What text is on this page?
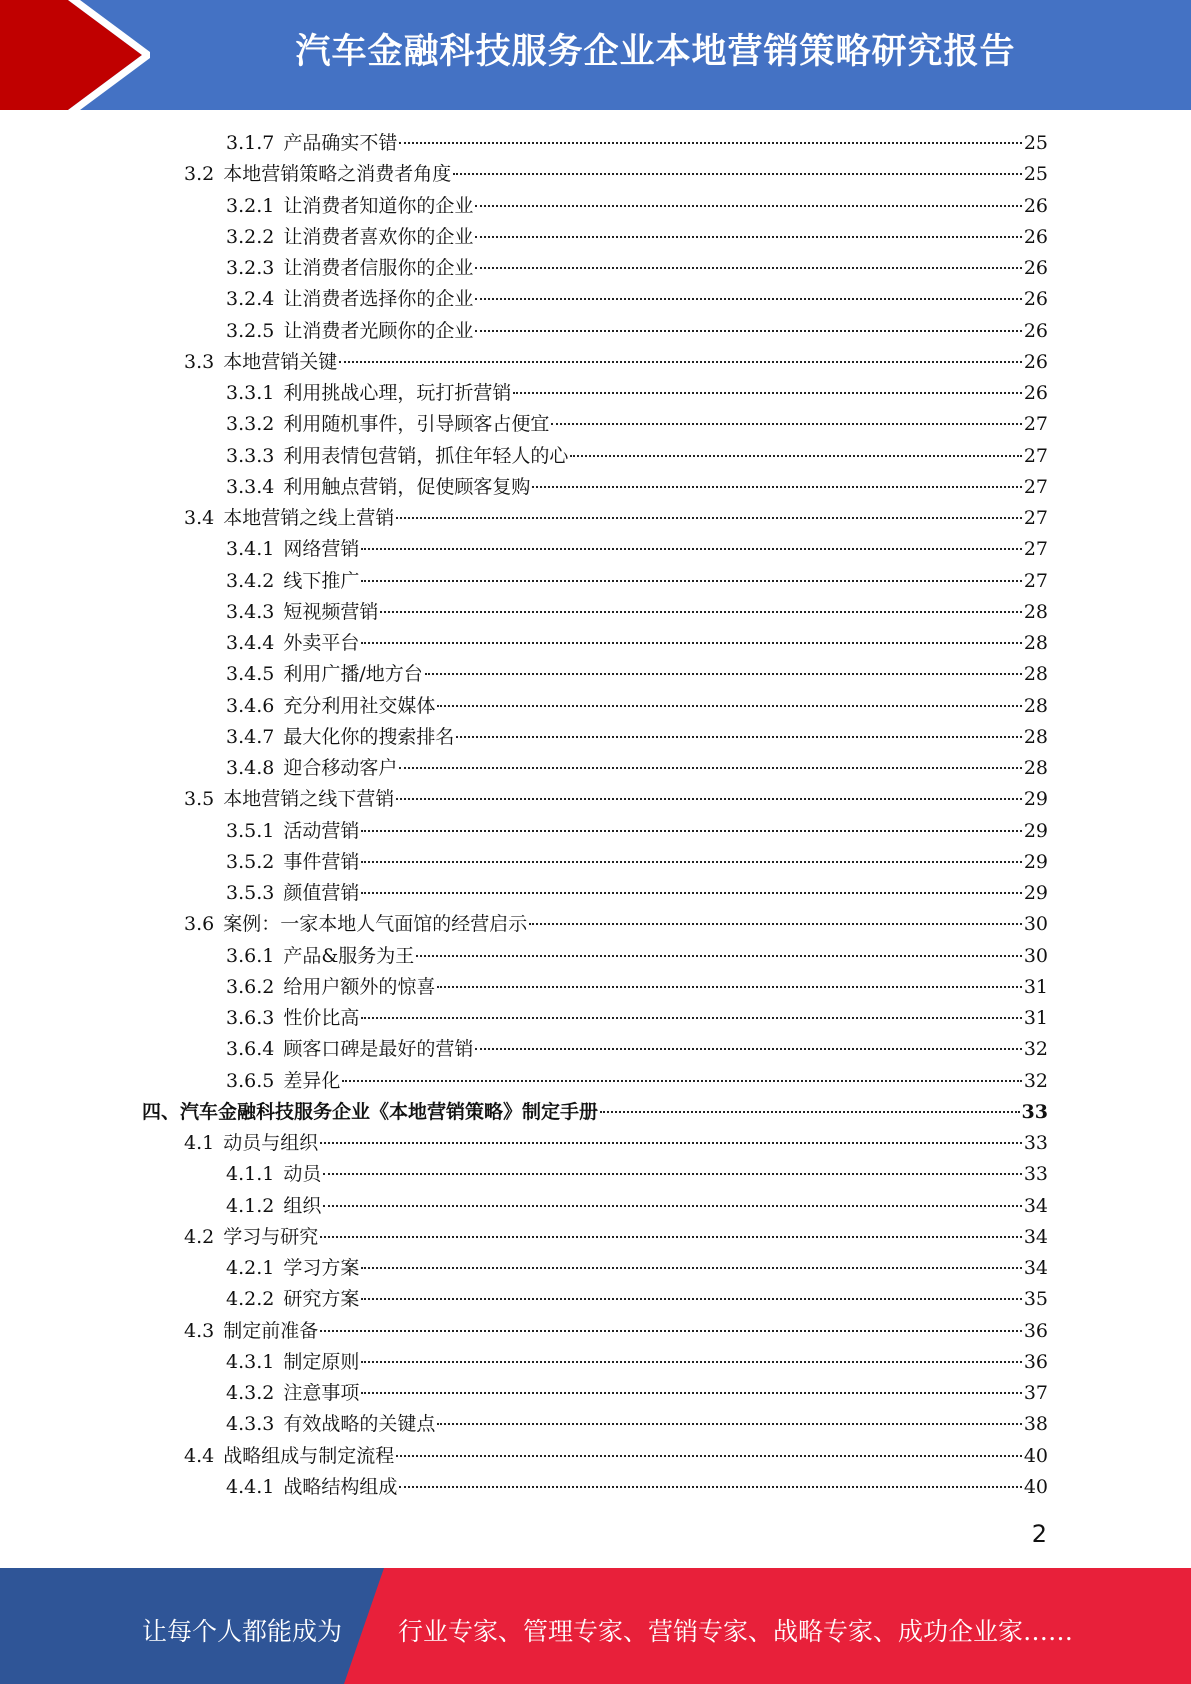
汽车金融科技服务企业本地营销策略研究报告
3.1.7 产品确实不错	25
3.2 本地营销策略之消费者角度	25
3.2.1 让消费者知道你的企业	26
3.2.2 让消费者喜欢你的企业	26
3.2.3 让消费者信服你的企业	26
3.2.4 让消费者选择你的企业	26
3.2.5 让消费者光顾你的企业	26
3.3 本地营销关键	26
3.3.1 利用挑战心理，玩打折营销	26
3.3.2 利用随机事件，引导顾客占便宜	27
3.3.3 利用表情包营销，抓住年轻人的心	27
3.3.4 利用触点营销，促使顾客复购	27
3.4 本地营销之线上营销	27
3.4.1 网络营销	27
3.4.2 线下推广	27
3.4.3 短视频营销	28
3.4.4 外卖平台	28
3.4.5 利用广播/地方台	28
3.4.6 充分利用社交媒体	28
3.4.7 最大化你的搜索排名	28
3.4.8 迎合移动客户	28
3.5 本地营销之线下营销	29
3.5.1 活动营销	29
3.5.2 事件营销	29
3.5.3 颜值营销	29
3.6 案例：一家本地人气面馆的经营启示	30
3.6.1 产品&服务为王	30
3.6.2 给用户额外的惊喜	31
3.6.3 性价比高	31
3.6.4 顾客口碑是最好的营销	32
3.6.5 差异化	32
四、汽车金融科技服务企业《本地营销策略》制定手册	33
4.1 动员与组织	33
4.1.1 动员	33
4.1.2 组织	34
4.2 学习与研究	34
4.2.1 学习方案	34
4.2.2 研究方案	35
4.3 制定前准备	36
4.3.1 制定原则	36
4.3.2 注意事项	37
4.3.3 有效战略的关键点	38
4.4 战略组成与制定流程	40
4.4.1 战略结构组成	40
2
让每个人都能成为 行业专家、管理专家、营销专家、战略专家、成功企业家……
